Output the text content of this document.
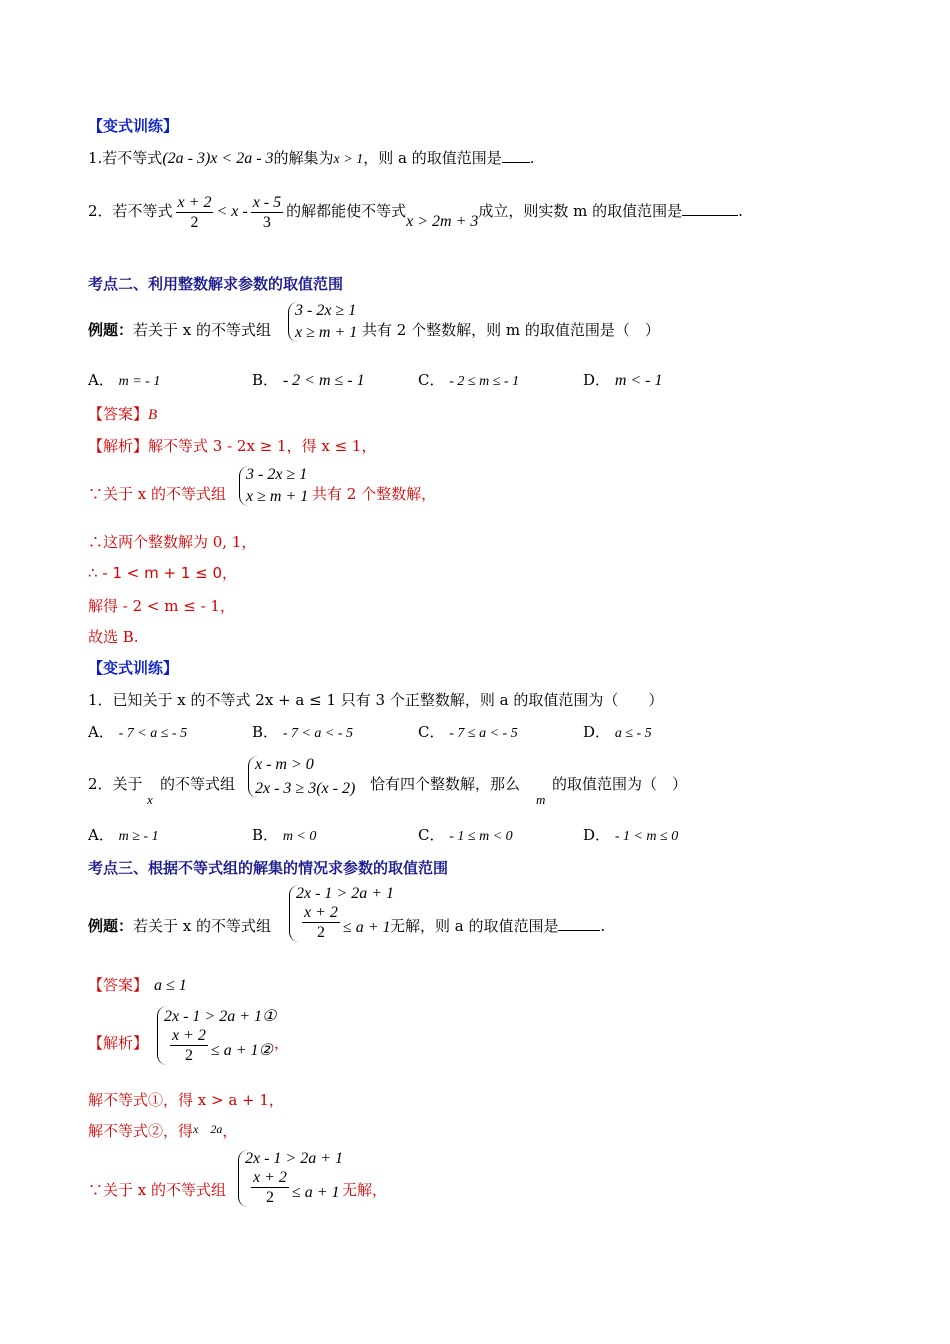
【变式训练】
1.若不等式(2a - 3)x < 2a - 3的解集为x > 1，则 a 的取值范围是 .
2．若不等式 $\frac{x + 2}{2} < x - \frac{x - 5}{3}$ 的解都能使不等式x > 2m + 3成立，则实数 m 的取值范围是	.
考点二、利用整数解求参数的取值范围
例题：若关于 x 的不等式组
3 - 2x ≥ 1
x ≥ m + 1 共有 2 个整数解，则 m 的取值范围是（　）
A． m = - 1	B． - 2 < m ≤ - 1	C． - 2 ≤ m ≤ - 1	D． m < - 1
【答案】B
【解析】解不等式 3 - 2x ≥ 1，得 x ≤ 1，
∵关于 x 的不等式组
3 - 2x ≥ 1
x ≥ m + 1 共有 2 个整数解，
∴这两个整数解为 0, 1，
∴ - 1 < m + 1 ≤ 0，
解得 - 2 < m ≤ - 1，
故选 B.
【变式训练】
1．已知关于 x 的不等式 2x + a ≤ 1 只有 3 个正整数解，则 a 的取值范围为（　　）
A． - 7 < a ≤ - 5	B． - 7 < a < - 5	C． - 7 ≤ a < - 5	D． a ≤ - 5
2．关于
x
的不等式组
x - m > 0
2x - 3 ≥ 3(x - 2) 恰有四个整数解，那么
m
的取值范围为（　）
A． m ≥ - 1	B． m < 0	C． - 1 ≤ m < 0	D． - 1 < m ≤ 0
考点三、根据不等式组的解集的情况求参数的取值范围
例题：若关于 x 的不等式组
2x - 1 > 2a + 1
$\frac{x + 2}{2} \le a + 1$ 无解，则 a 的取值范围是	.
【答案】 a ≤ 1
【解析】
2x - 1 > 2a + 1①
$\frac{x + 2}{2} \le a$ + 1② ，
解不等式①，得 x > a + 1，
解不等式②，得$^{x 2a}$，
∵关于 x 的不等式组
2x - 1 > 2a + 1
$\frac{x + 2}{2} \le a + 1$ 无解，
